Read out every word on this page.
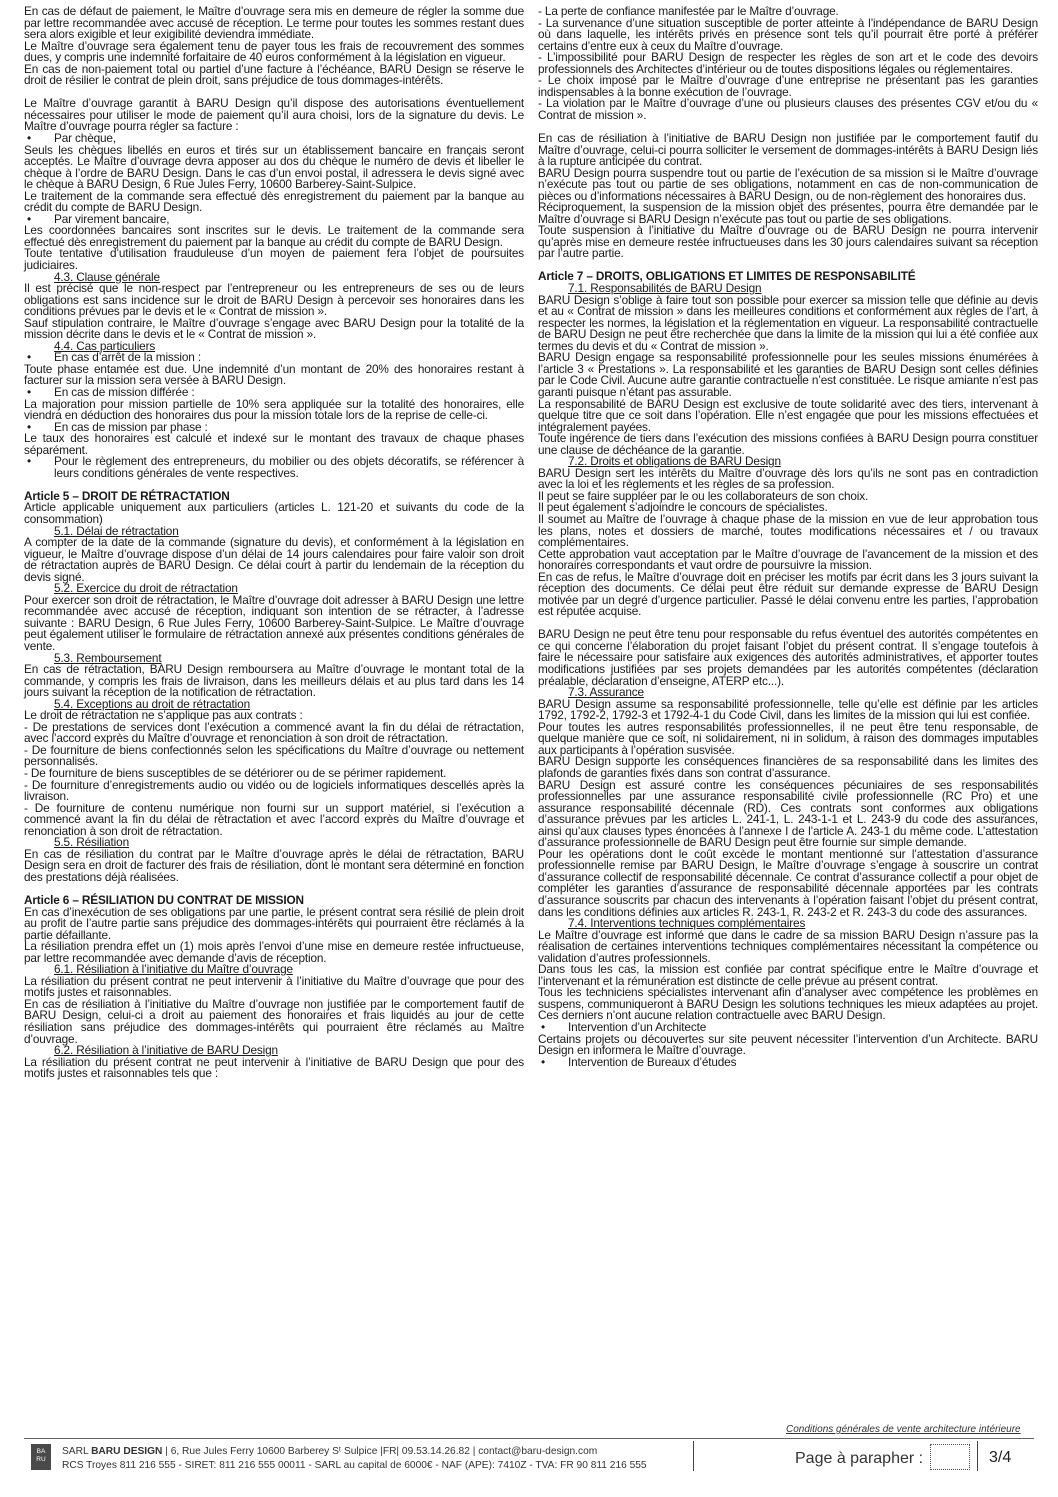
En cas de défaut de paiement, le Maître d’ouvrage sera mis en demeure de régler la somme due par lettre recommandée avec accusé de réception. Le terme pour toutes les sommes restant dues sera alors exigible et leur exigibilité deviendra immédiate.
Le Maître d’ouvrage sera également tenu de payer tous les frais de recouvrement des sommes dues, y compris une indemnité forfaitaire de 40 euros conformément à la législation en vigueur.
En cas de non-paiement total ou partiel d’une facture à l’échéance, BARU Design se réserve le droit de résilier le contrat de plein droit, sans préjudice de tous dommages-intérêts.
Le Maître d’ouvrage garantit à BARU Design qu’il dispose des autorisations éventuellement nécessaires pour utiliser le mode de paiement qu’il aura choisi, lors de la signature du devis. Le Maître d’ouvrage pourra régler sa facture :
• Par chèque,
Seuls les chèques libellés en euros et tirés sur un établissement bancaire en français seront acceptés. Le Maître d’ouvrage devra apposer au dos du chèque le numéro de devis et libeller le chèque à l’ordre de BARU Design. Dans le cas d’un envoi postal, il adressera le devis signé avec le chèque à BARU Design, 6 Rue Jules Ferry, 10600 Barberey-Saint-Sulpice.
Le traitement de la commande sera effectué dès enregistrement du paiement par la banque au crédit du compte de BARU Design.
• Par virement bancaire,
Les coordonnées bancaires sont inscrites sur le devis. Le traitement de la commande sera effectué dès enregistrement du paiement par la banque au crédit du compte de BARU Design.
Toute tentative d’utilisation frauduleuse d’un moyen de paiement fera l’objet de poursuites judiciaires.
4.3. Clause générale
Il est précisé que le non-respect par l’entrepreneur ou les entrepreneurs de ses ou de leurs obligations est sans incidence sur le droit de BARU Design à percevoir ses honoraires dans les conditions prévues par le devis et le « Contrat de mission ».
Sauf stipulation contraire, le Maître d’ouvrage s’engage avec BARU Design pour la totalité de la mission décrite dans le devis et le « Contrat de mission ».
4.4. Cas particuliers
• En cas d’arrêt de la mission :
Toute phase entamée est due. Une indemnité d’un montant de 20% des honoraires restant à facturer sur la mission sera versée à BARU Design.
• En cas de mission différée :
La majoration pour mission partielle de 10% sera appliquée sur la totalité des honoraires, elle viendra en déduction des honoraires dus pour la mission totale lors de la reprise de celle-ci.
• En cas de mission par phase :
Le taux des honoraires est calculé et indexé sur le montant des travaux de chaque phases séparément.
• Pour le règlement des entrepreneurs, du mobilier ou des objets décoratifs, se référencer à leurs conditions générales de vente respectives.
Article 5 – DROIT DE RÉTRACTATION
Article applicable uniquement aux particuliers (articles L. 121-20 et suivants du code de la consommation)
5.1. Délai de rétractation
A compter de la date de la commande (signature du devis), et conformément à la législation en vigueur, le Maître d’ouvrage dispose d’un délai de 14 jours calendaires pour faire valoir son droit de rétractation auprès de BARU Design. Ce délai court à partir du lendemain de la réception du devis signé.
5.2. Exercice du droit de rétractation
Pour exercer son droit de rétractation, le Maître d’ouvrage doit adresser à BARU Design une lettre recommandée avec accusé de réception, indiquant son intention de se rétracter, à l’adresse suivante : BARU Design, 6 Rue Jules Ferry, 10600 Barberey-Saint-Sulpice. Le Maître d’ouvrage peut également utiliser le formulaire de rétractation annexé aux présentes conditions générales de vente.
5.3. Remboursement
En cas de rétractation, BARU Design remboursera au Maître d’ouvrage le montant total de la commande, y compris les frais de livraison, dans les meilleurs délais et au plus tard dans les 14 jours suivant la réception de la notification de rétractation.
5.4. Exceptions au droit de rétractation
Le droit de rétractation ne s’applique pas aux contrats :
- De prestations de services dont l’exécution a commencé avant la fin du délai de rétractation, avec l’accord exprès du Maître d’ouvrage et renonciation à son droit de rétractation.
- De fourniture de biens confectionnés selon les spécifications du Maître d’ouvrage ou nettement personnalisés.
- De fourniture de biens susceptibles de se détériorer ou de se périmer rapidement.
- De fourniture d’enregistrements audio ou vidéo ou de logiciels informatiques descellés après la livraison.
- De fourniture de contenu numérique non fourni sur un support matériel, si l’exécution a commencé avant la fin du délai de rétractation et avec l’accord exprès du Maître d’ouvrage et renonciation à son droit de rétractation.
5.5. Résiliation
En cas de résiliation du contrat par le Maître d’ouvrage après le délai de rétractation, BARU Design sera en droit de facturer des frais de résiliation, dont le montant sera déterminé en fonction des prestations déjà réalisées.
Article 6 – RÉSILIATION DU CONTRAT DE MISSION
En cas d’inexécution de ses obligations par une partie, le présent contrat sera résilié de plein droit au profit de l’autre partie sans préjudice des dommages-intérêts qui pourraient être réclamés à la partie défaillante.
La résiliation prendra effet un (1) mois après l’envoi d’une mise en demeure restée infructueuse, par lettre recommandée avec demande d’avis de réception.
6.1. Résiliation à l’initiative du Maître d’ouvrage
La résiliation du présent contrat ne peut intervenir à l’initiative du Maître d’ouvrage que pour des motifs justes et raisonnables.
En cas de résiliation à l’initiative du Maître d’ouvrage non justifiée par le comportement fautif de BARU Design, celui-ci a droit au paiement des honoraires et frais liquidés au jour de cette résiliation sans préjudice des dommages-intérêts qui pourraient être réclamés au Maître d’ouvrage.
6.2. Résiliation à l’initiative de BARU Design
La résiliation du présent contrat ne peut intervenir à l’initiative de BARU Design que pour des motifs justes et raisonnables tels que :
- La perte de confiance manifestée par le Maître d’ouvrage.
- La survenance d’une situation susceptible de porter atteinte à l’indépendance de BARU Design où dans laquelle, les intérêts privés en présence sont tels qu’il pourrait être porté à préférer certains d’entre eux à ceux du Maître d’ouvrage.
- L’impossibilité pour BARU Design de respecter les règles de son art et le code des devoirs professionnels des Architectes d’intérieur ou de toutes dispositions légales ou réglementaires.
- Le choix imposé par le Maître d’ouvrage d’une entreprise ne présentant pas les garanties indispensables à la bonne exécution de l’ouvrage.
- La violation par le Maître d’ouvrage d’une ou plusieurs clauses des présentes CGV et/ou du « Contrat de mission ».
En cas de résiliation à l’initiative de BARU Design non justifiée par le comportement fautif du Maître d’ouvrage, celui-ci pourra solliciter le versement de dommages-intérêts à BARU Design liés à la rupture anticipée du contrat.
BARU Design pourra suspendre tout ou partie de l’exécution de sa mission si le Maître d’ouvrage n’exécute pas tout ou partie de ses obligations, notamment en cas de non-communication de pièces ou d’informations nécessaires à BARU Design, ou de non-règlement des honoraires dus.
Réciproquement, la suspension de la mission objet des présentes, pourra être demandée par le Maître d’ouvrage si BARU Design n’exécute pas tout ou partie de ses obligations.
Toute suspension à l’initiative du Maître d’ouvrage ou de BARU Design ne pourra intervenir qu’après mise en demeure restée infructueuses dans les 30 jours calendaires suivant sa réception par l’autre partie.
Article 7 – DROITS, OBLIGATIONS ET LIMITES DE RESPONSABILITÉ
7.1. Responsabilités de BARU Design
BARU Design s’oblige à faire tout son possible pour exercer sa mission telle que définie au devis et au « Contrat de mission » dans les meilleures conditions et conformément aux règles de l’art, à respecter les normes, la législation et la réglementation en vigueur. La responsabilité contractuelle de BARU Design ne peut être recherchée que dans la limite de la mission qui lui a été confiée aux termes du devis et du « Contrat de mission ».
BARU Design engage sa responsabilité professionnelle pour les seules missions énumérées à l’article 3 « Prestations ». La responsabilité et les garanties de BARU Design sont celles définies par le Code Civil. Aucune autre garantie contractuelle n’est constituée. Le risque amiante n’est pas garanti puisque n’étant pas assurable.
La responsabilité de BARU Design est exclusive de toute solidarité avec des tiers, intervenant à quelque titre que ce soit dans l’opération. Elle n’est engagée que pour les missions effectuées et intégralement payées.
Toute ingérence de tiers dans l’exécution des missions confiées à BARU Design pourra constituer une clause de déchéance de la garantie.
7.2. Droits et obligations de BARU Design
BARU Design sert les intérêts du Maître d’ouvrage dès lors qu’ils ne sont pas en contradiction avec la loi et les règlements et les règles de sa profession.
Il peut se faire suppléer par le ou les collaborateurs de son choix.
Il peut également s’adjoindre le concours de spécialistes.
Il soumet au Maître de l’ouvrage à chaque phase de la mission en vue de leur approbation tous les plans, notes et dossiers de marché, toutes modifications nécessaires et / ou travaux complémentaires.
Cette approbation vaut acceptation par le Maître d’ouvrage de l’avancement de la mission et des honoraires correspondants et vaut ordre de poursuivre la mission.
En cas de refus, le Maître d’ouvrage doit en préciser les motifs par écrit dans les 3 jours suivant la réception des documents. Ce délai peut être réduit sur demande expresse de BARU Design motivée par un degré d’urgence particulier. Passé le délai convenu entre les parties, l’approbation est réputée acquise.
BARU Design ne peut être tenu pour responsable du refus éventuel des autorités compétentes en ce qui concerne l’élaboration du projet faisant l’objet du présent contrat. Il s’engage toutefois à faire le nécessaire pour satisfaire aux exigences des autorités administratives, et apporter toutes modifications justifiées par ses projets demandées par les autorités compétentes (déclaration préalable, déclaration d’enseigne, ATERP etc...).
7.3. Assurance
BARU Design assume sa responsabilité professionnelle, telle qu’elle est définie par les articles 1792, 1792-2, 1792-3 et 1792-4-1 du Code Civil, dans les limites de la mission qui lui est confiée.
Pour toutes les autres responsabilités professionnelles, il ne peut être tenu responsable, de quelque manière que ce soit, ni solidairement, ni in solidum, à raison des dommages imputables aux participants à l’opération susvisée.
BARU Design supporte les conséquences financières de sa responsabilité dans les limites des plafonds de garanties fixés dans son contrat d’assurance.
BARU Design est assuré contre les conséquences pécuniaires de ses responsabilités professionnelles par une assurance responsabilité civile professionnelle (RC Pro) et une assurance responsabilité décennale (RD). Ces contrats sont conformes aux obligations d’assurance prévues par les articles L. 241-1, L. 243-1-1 et L. 243-9 du code des assurances, ainsi qu’aux clauses types énoncées à l’annexe I de l’article A. 243-1 du même code. L’attestation d’assurance professionnelle de BARU Design peut être fournie sur simple demande.
Pour les opérations dont le coût excède le montant mentionné sur l’attestation d’assurance professionnelle remise par BARU Design, le Maître d’ouvrage s’engage à souscrire un contrat d’assurance collectif de responsabilité décennale. Ce contrat d’assurance collectif a pour objet de compléter les garanties d’assurance de responsabilité décennale apportées par les contrats d’assurance souscrits par chacun des intervenants à l’opération faisant l’objet du présent contrat, dans les conditions définies aux articles R. 243-1, R. 243-2 et R. 243-3 du code des assurances.
7.4. Interventions techniques complémentaires
Le Maître d’ouvrage est informé que dans le cadre de sa mission BARU Design n’assure pas la réalisation de certaines interventions techniques complémentaires nécessitant la compétence ou validation d’autres professionnels.
Dans tous les cas, la mission est confiée par contrat spécifique entre le Maître d’ouvrage et l’intervenant et la rémunération est distincte de celle prévue au présent contrat.
Tous les techniciens spécialistes intervenant afin d’analyser avec compétence les problèmes en suspens, communiqueront à BARU Design les solutions techniques les mieux adaptées au projet. Ces derniers n’ont aucune relation contractuelle avec BARU Design.
• Intervention d’un Architecte
Certains projets ou découvertes sur site peuvent nécessiter l’intervention d’un Architecte. BARU Design en informera le Maître d’ouvrage.
• Intervention de Bureaux d’études
Conditions générales de vente architecture intérieure
BA
RU
SARL BARU DESIGN | 6, Rue Jules Ferry 10600 Barberey Sᵗ Sulpice |FR| 09.53.14.26.82 | contact@baru-design.com
RCS Troyes 811 216 555 - SIRET: 811 216 555 00011 - SARL au capital de 6000€ - NAF (APE): 7410Z - TVA: FR 90 811 216 555	Page à parapher :	3/4
